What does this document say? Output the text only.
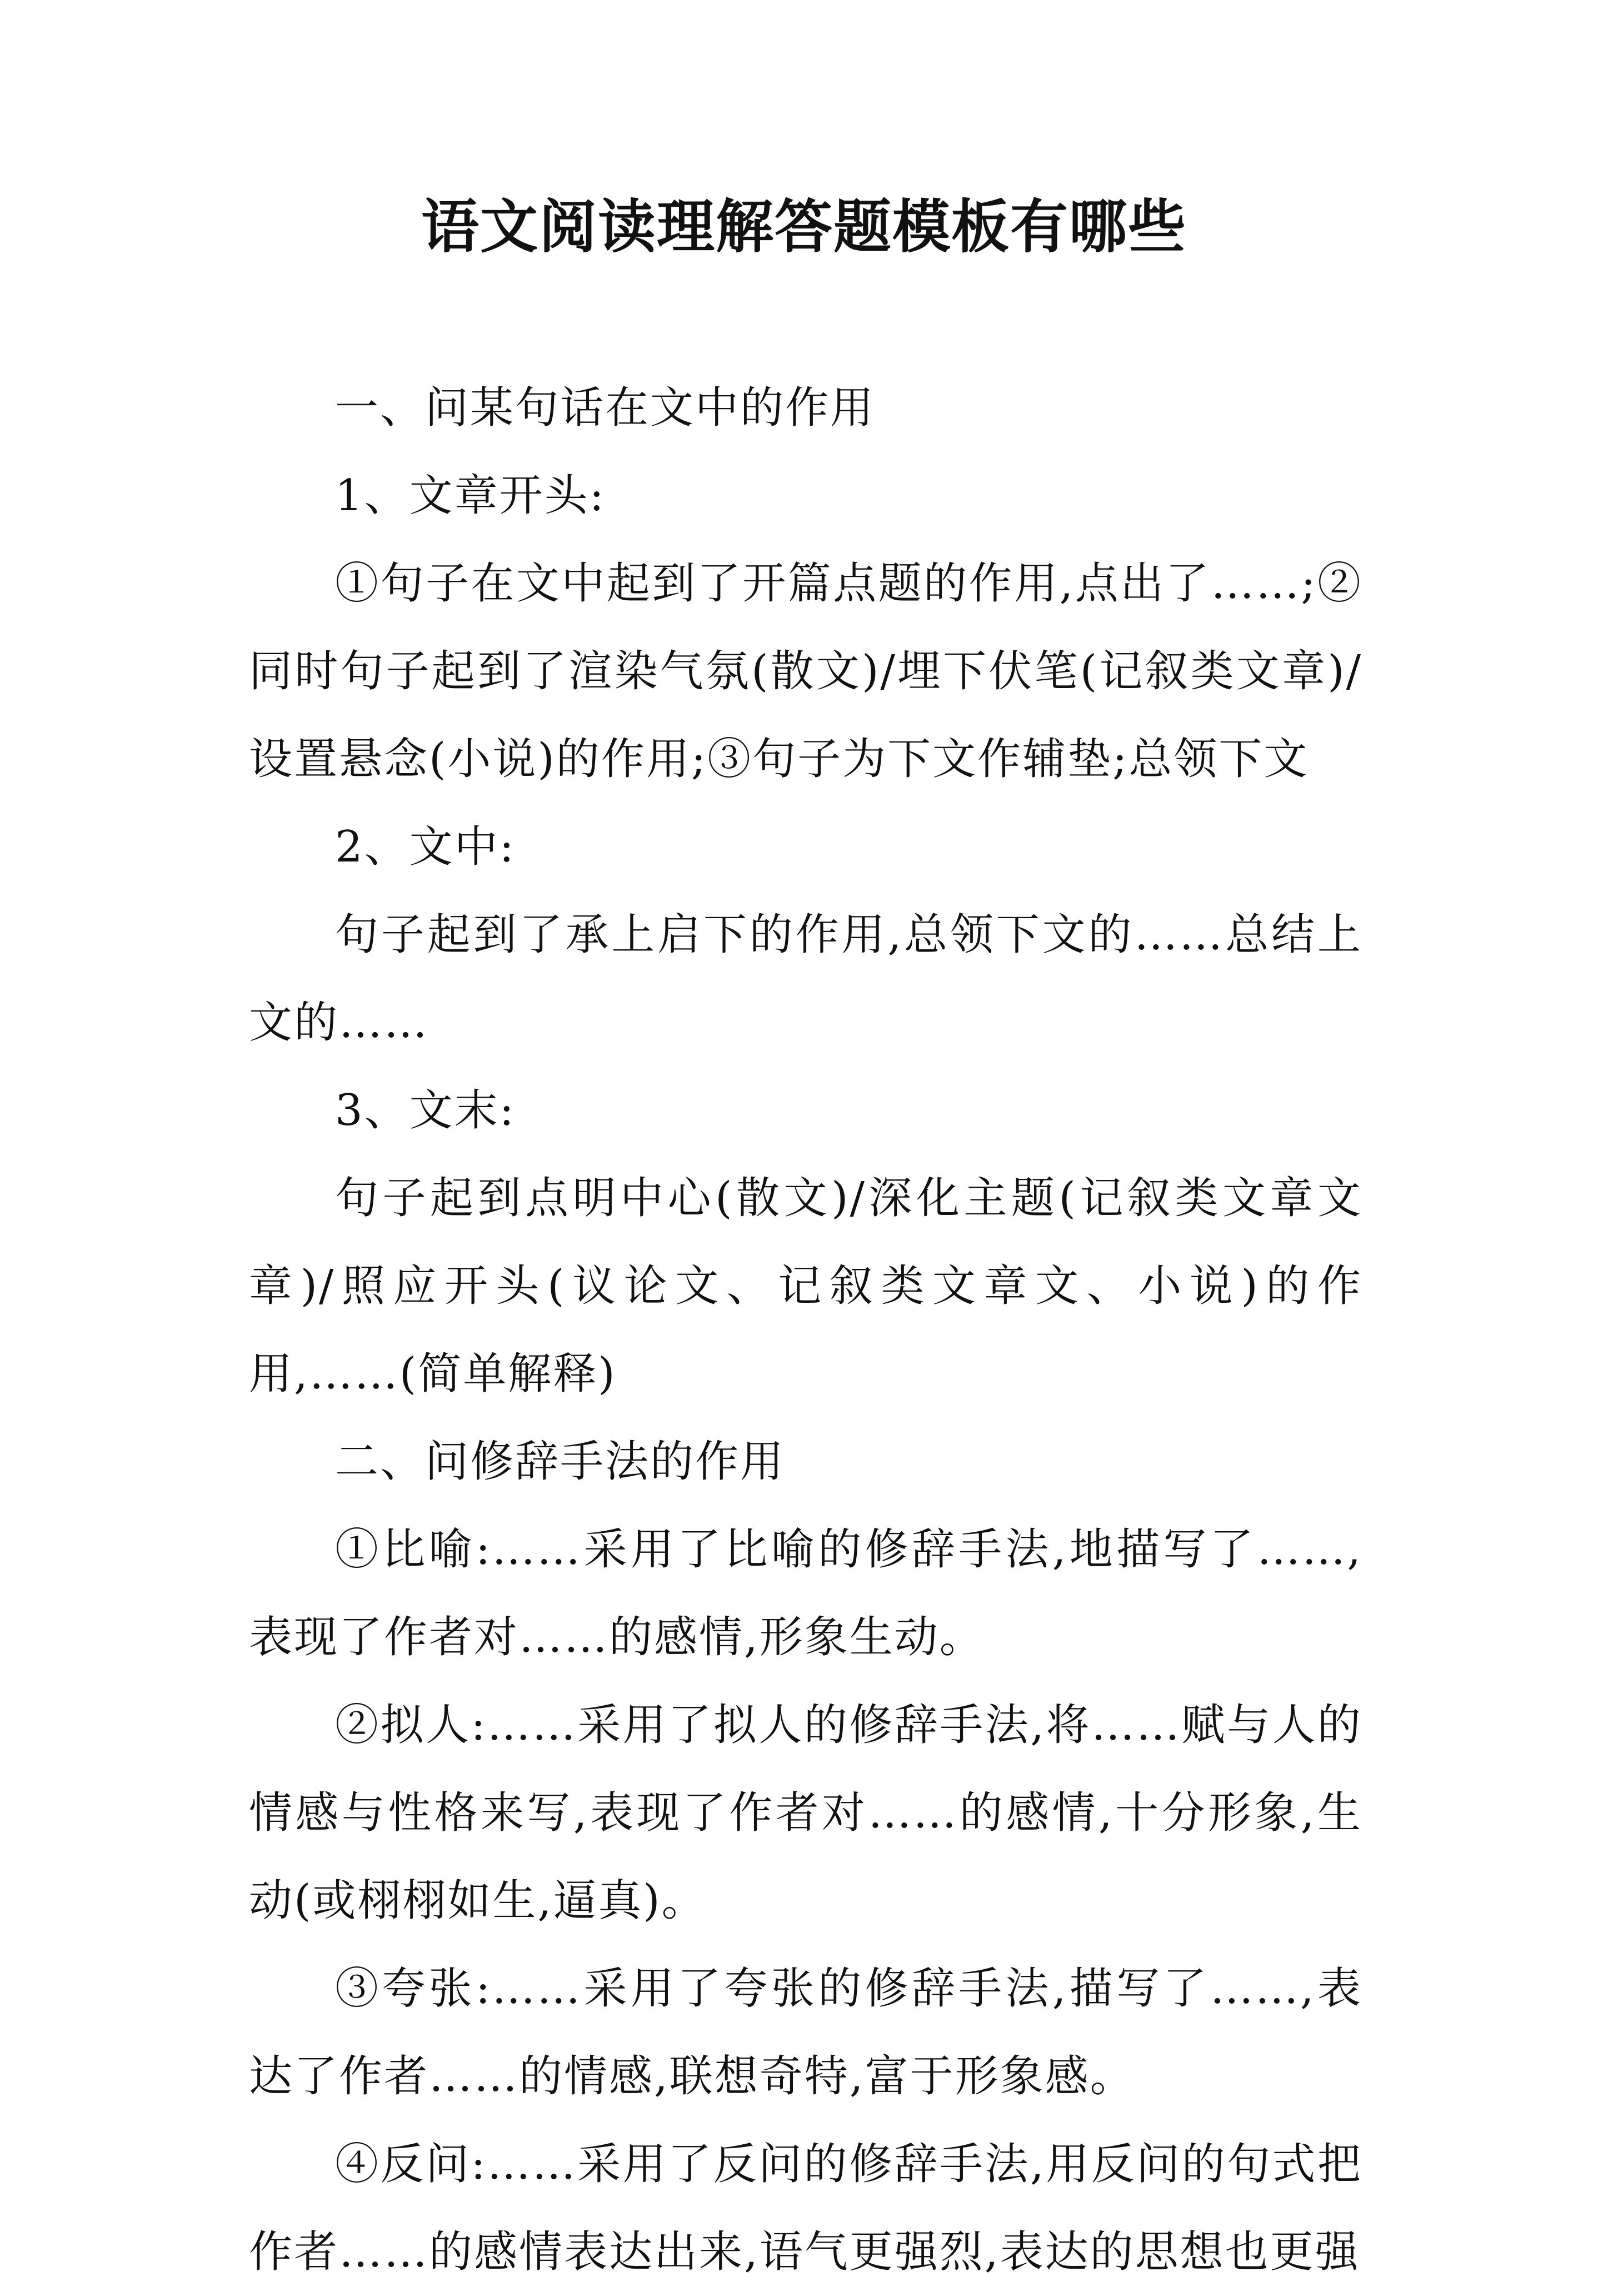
语文阅读理解答题模板有哪些

一、问某句话在文中的作用

1、文章开头:

①句子在文中起到了开篇点题的作用,点出了……;②同时句子起到了渲染气氛(散文)/埋下伏笔(记叙类文章)/设置悬念(小说)的作用;③句子为下文作辅垫;总领下文

2、文中:

句子起到了承上启下的作用,总领下文的……总结上文的……

3、文末:

句子起到点明中心(散文)/深化主题(记叙类文章文章)/照应开头(议论文、记叙类文章文、小说)的作用,……(简单解释)

二、问修辞手法的作用

①比喻:……采用了比喻的修辞手法,地描写了……,表现了作者对……的感情,形象生动。

②拟人:……采用了拟人的修辞手法,将……赋与人的情感与性格来写,表现了作者对……的感情,十分形象,生动(或栩栩如生,逼真)。

③夸张:……采用了夸张的修辞手法,描写了……,表达了作者……的情感,联想奇特,富于形象感。

④反问:……采用了反问的修辞手法,用反问的句式把作者……的感情表达出来,语气更强烈,表达的思想也更强
